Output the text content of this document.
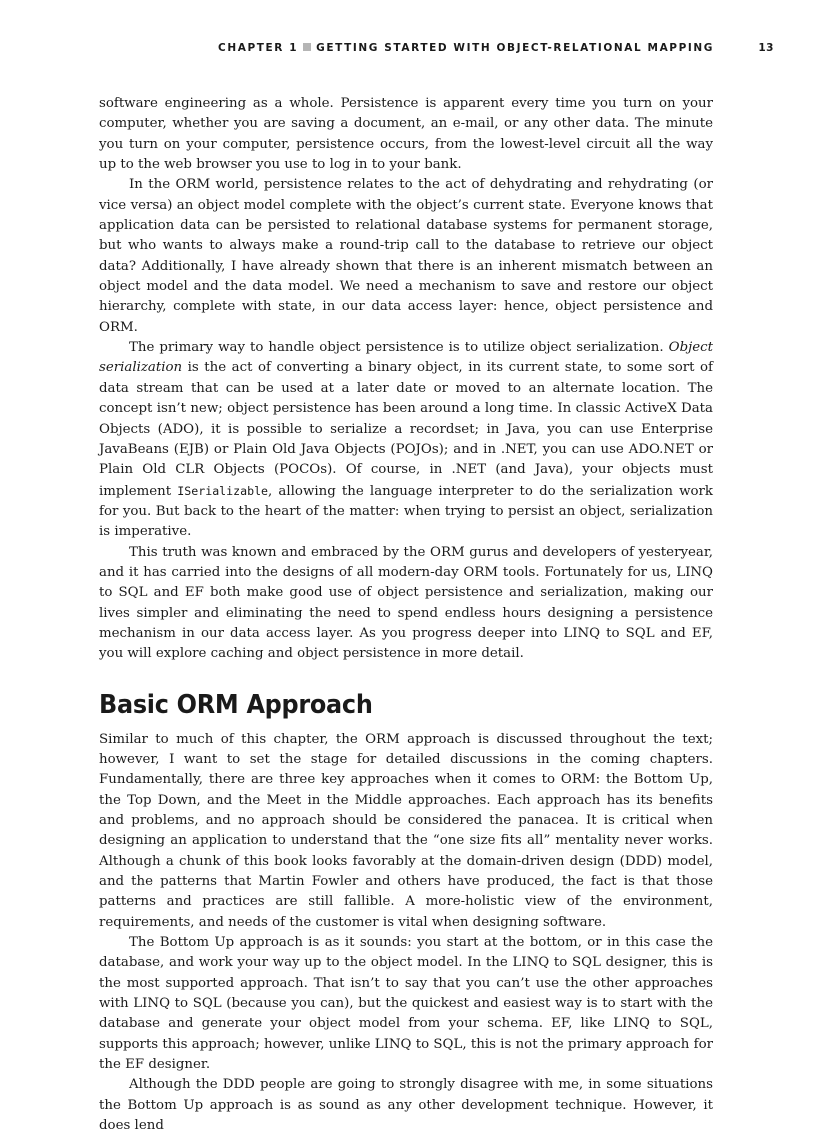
CHAPTER 1 GETTING STARTED WITH OBJECT-RELATIONAL MAPPING	13

software engineering as a whole. Persistence is apparent every time you turn on your computer, whether you are saving a document, an e-mail, or any other data. The minute you turn on your computer, persistence occurs, from the lowest-level circuit all the way up to the web browser you use to log in to your bank.

In the ORM world, persistence relates to the act of dehydrating and rehydrating (or vice versa) an object model complete with the object’s current state. Everyone knows that application data can be persisted to relational database systems for permanent storage, but who wants to always make a round-trip call to the database to retrieve our object data? Additionally, I have already shown that there is an inherent mismatch between an object model and the data model. We need a mechanism to save and restore our object hierarchy, complete with state, in our data access layer: hence, object persistence and ORM.

The primary way to handle object persistence is to utilize object serialization. Object serialization is the act of converting a binary object, in its current state, to some sort of data stream that can be used at a later date or moved to an alternate location. The concept isn’t new; object persistence has been around a long time. In classic ActiveX Data Objects (ADO), it is possible to serialize a recordset; in Java, you can use Enterprise JavaBeans (EJB) or Plain Old Java Objects (POJOs); and in .NET, you can use ADO.NET or Plain Old CLR Objects (POCOs). Of course, in .NET (and Java), your objects must implement ISerializable, allowing the language interpreter to do the serialization work for you. But back to the heart of the matter: when trying to persist an object, serialization is imperative.

This truth was known and embraced by the ORM gurus and developers of yesteryear, and it has carried into the designs of all modern-day ORM tools. Fortunately for us, LINQ to SQL and EF both make good use of object persistence and serialization, making our lives simpler and eliminating the need to spend endless hours designing a persistence mechanism in our data access layer. As you progress deeper into LINQ to SQL and EF, you will explore caching and object persistence in more detail.

Basic ORM Approach

Similar to much of this chapter, the ORM approach is discussed throughout the text; however, I want to set the stage for detailed discussions in the coming chapters. Fundamentally, there are three key approaches when it comes to ORM: the Bottom Up, the Top Down, and the Meet in the Middle approaches. Each approach has its benefits and problems, and no approach should be considered the panacea. It is critical when designing an application to understand that the “one size fits all” mentality never works. Although a chunk of this book looks favorably at the domain-driven design (DDD) model, and the patterns that Martin Fowler and others have produced, the fact is that those patterns and practices are still fallible. A more-holistic view of the environment, requirements, and needs of the customer is vital when designing software.

The Bottom Up approach is as it sounds: you start at the bottom, or in this case the database, and work your way up to the object model. In the LINQ to SQL designer, this is the most supported approach. That isn’t to say that you can’t use the other approaches with LINQ to SQL (because you can), but the quickest and easiest way is to start with the database and generate your object model from your schema. EF, like LINQ to SQL, supports this approach; however, unlike LINQ to SQL, this is not the primary approach for the EF designer.

Although the DDD people are going to strongly disagree with me, in some situations the Bottom Up approach is as sound as any other development technique. However, it does lend
